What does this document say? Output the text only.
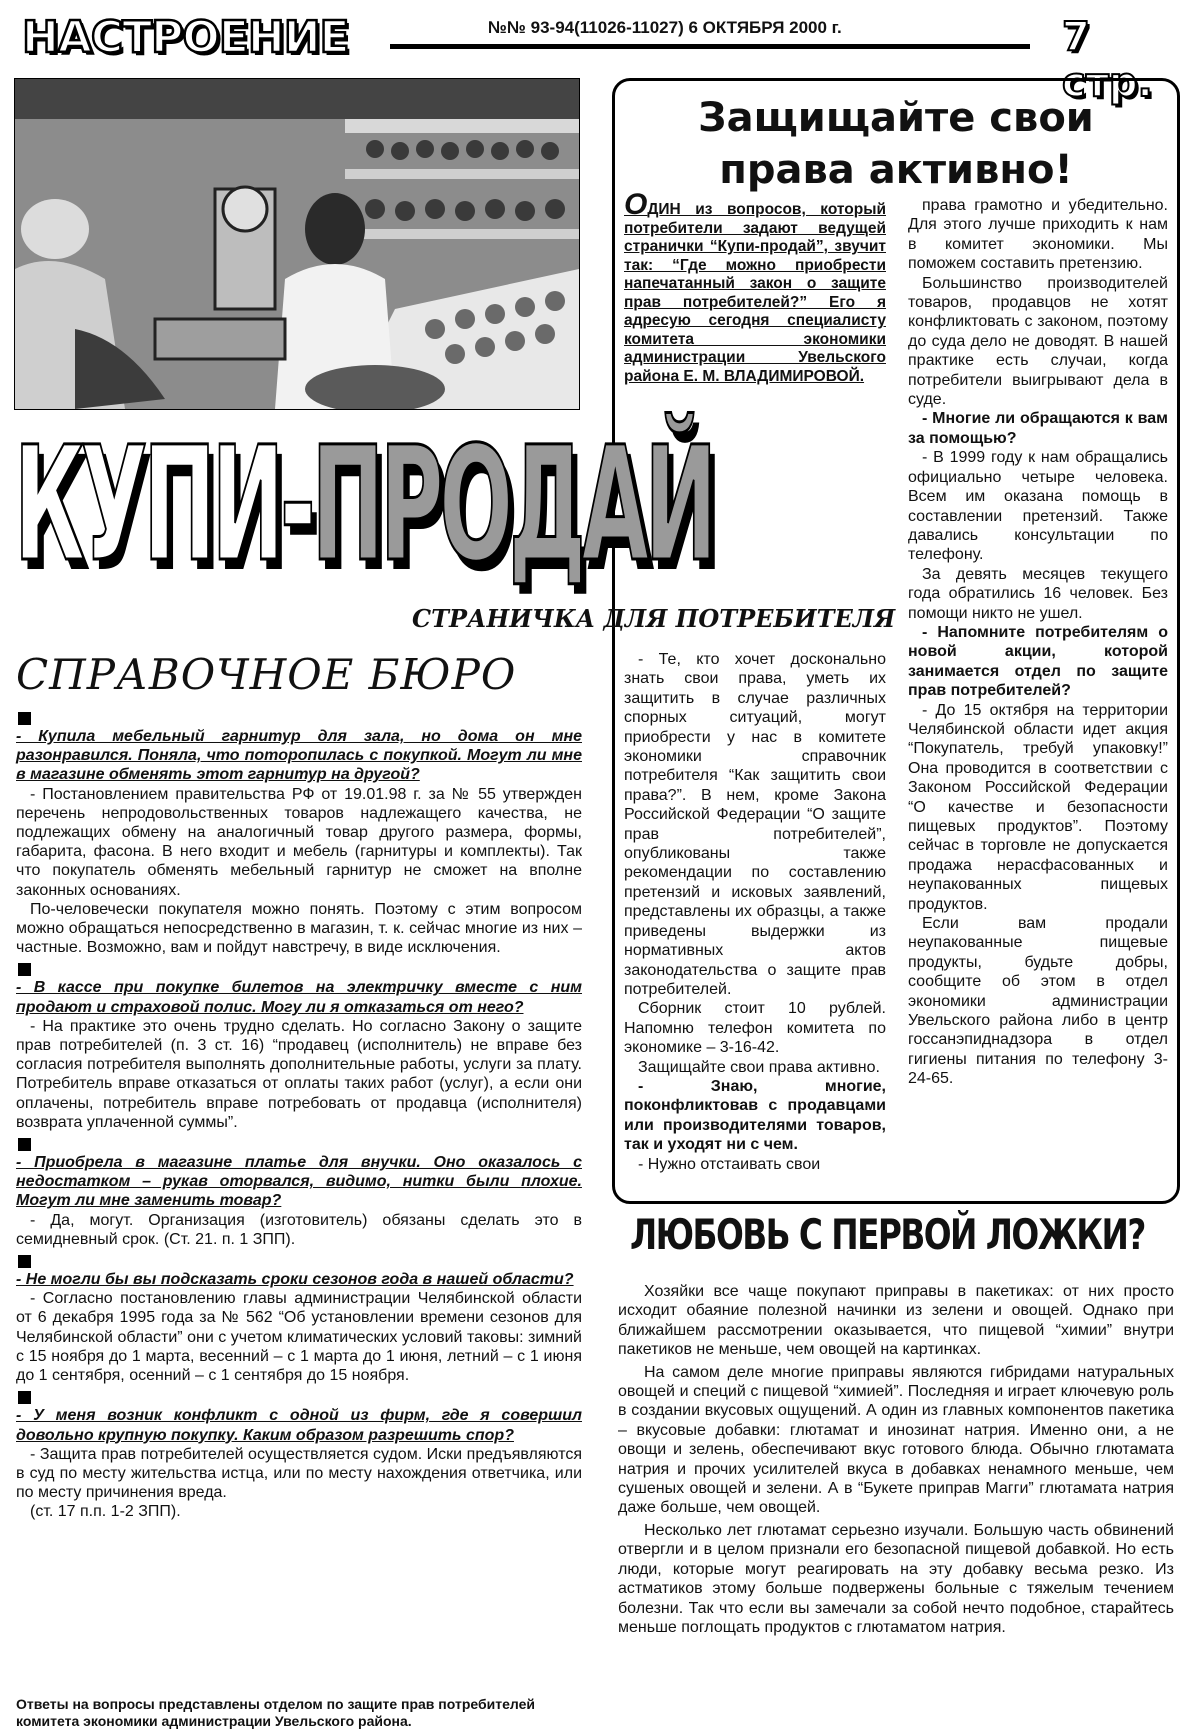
НАСТРОЕНИЕ	№№ 93-94(11026-11027) 6 ОКТЯБРЯ 2000 г.	7 стр.
Защищайте свои права активно!
ОДИН из вопросов, который потребители задают ведущей странички “Купи-продай”, звучит так: “Где можно приобрести напечатанный закон о защите прав потребителей?” Его я адресую сегодня специалисту комитета экономики администрации Увельского района Е. М. ВЛАДИМИРОВОЙ.

права грамотно и убедительно. Для этого лучше приходить к нам в комитет экономики. Мы поможем составить претензию.

Большинство производителей товаров, продавцов не хотят конфликтовать с законом, поэтому до суда дело не доводят. В нашей практике есть случаи, когда потребители выигрывают дела в суде.

- Многие ли обращаются к вам за помощью?

- В 1999 году к нам обращались официально четыре человека. Всем им оказана помощь в составлении претензий. Также давались консультации по телефону.

За девять месяцев текущего года обратились 16 человек. Без помощи никто не ушел.

- Напомните потребителям о новой акции, которой занимается отдел по защите прав потребителей?

- До 15 октября на территории Челябинской области идет акция “Покупатель, требуй упаковку!” Она проводится в соответствии с Законом Российской Федерации “О качестве и безопасности пищевых продуктов”. Поэтому сейчас в торговле не допускается продажа нерасфасованных и неупакованных пищевых продуктов.

Если вам продали неупакованные пищевые продукты, будьте добры, сообщите об этом в отдел экономики администрации Увельского района либо в центр госсанэпиднадзора в отдел гигиены питания по телефону 3-24-65.

- Те, кто хочет досконально знать свои права, уметь их защитить в случае различных спорных ситуаций, могут приобрести у нас в комитете экономики справочник потребителя “Как защитить свои права?”. В нем, кроме Закона Российской Федерации “О защите прав потребителей”, опубликованы также рекомендации по составлению претензий и исковых заявлений, представлены их образцы, а также приведены выдержки из нормативных актов законодательства о защите прав потребителей.

Сборник стоит 10 рублей. Напомню телефон комитета по экономике – 3-16-42.

Защищайте свои права активно.

- Знаю, многие, поконфликтовав с продавцами или производителями товаров, так и уходят ни с чем.

- Нужно отстаивать свои

КУПИ-ПРОДАЙ
СТРАНИЧКА ДЛЯ ПОТРЕБИТЕЛЯ
СПРАВОЧНОЕ БЮРО

- Купила мебельный гарнитур для зала, но дома он мне разонравился. Поняла, что поторопилась с покупкой. Могут ли мне в магазине обменять этот гарнитур на другой?

- Постановлением правительства РФ от 19.01.98 г. за № 55 утвержден перечень непродовольственных товаров надлежащего качества, не подлежащих обмену на аналогичный товар другого размера, формы, габарита, фасона. В него входит и мебель (гарнитуры и комплекты). Так что покупатель обменять мебельный гарнитур не сможет на вполне законных основаниях.

По-человечески покупателя можно понять. Поэтому с этим вопросом можно обращаться непосредственно в магазин, т. к. сейчас многие из них – частные. Возможно, вам и пойдут навстречу, в виде исключения.

- В кассе при покупке билетов на электричку вместе с ним продают и страховой полис. Могу ли я отказаться от него?

- На практике это очень трудно сделать. Но согласно Закону о защите прав потребителей (п. 3 ст. 16) “продавец (исполнитель) не вправе без согласия потребителя выполнять дополнительные работы, услуги за плату. Потребитель вправе отказаться от оплаты таких работ (услуг), а если они оплачены, потребитель вправе потребовать от продавца (исполнителя) возврата уплаченной суммы”.

- Приобрела в магазине платье для внучки. Оно оказалось с недостатком – рукав оторвался, видимо, нитки были плохие. Могут ли мне заменить товар?

- Да, могут. Организация (изготовитель) обязаны сделать это в семидневный срок. (Ст. 21. п. 1 ЗПП).

- Не могли бы вы подсказать сроки сезонов года в нашей области?

- Согласно постановлению главы администрации Челябинской области от 6 декабря 1995 года за № 562 “Об установлении времени сезонов для Челябинской области” они с учетом климатических условий таковы: зимний с 15 ноября до 1 марта, весенний – с 1 марта до 1 июня, летний – с 1 июня до 1 сентября, осенний – с 1 сентября до 15 ноября.

- У меня возник конфликт с одной из фирм, где я совершил довольно крупную покупку. Каким образом разрешить спор?

- Защита прав потребителей осуществляется судом. Иски предъявляются в суд по месту жительства истца, или по месту нахождения ответчика, или по месту причинения вреда.

(ст. 17 п.п. 1-2 ЗПП).

Ответы на вопросы представлены отделом по защите прав потребителей комитета экономики администрации Увельского района.
ЛЮБОВЬ С ПЕРВОЙ ЛОЖКИ?

Хозяйки все чаще покупают приправы в пакетиках: от них просто исходит обаяние полезной начинки из зелени и овощей. Однако при ближайшем рассмотрении оказывается, что пищевой “химии” внутри пакетиков не меньше, чем овощей на картинках.

На самом деле многие приправы являются гибридами натуральных овощей и специй с пищевой “химией”. Последняя и играет ключевую роль в создании вкусовых ощущений. А один из главных компонентов пакетика – вкусовые добавки: глютамат и инозинат натрия. Именно они, а не овощи и зелень, обеспечивают вкус готового блюда. Обычно глютамата натрия и прочих усилителей вкуса в добавках ненамного меньше, чем сушеных овощей и зелени. А в “Букете приправ Магги” глютамата натрия даже больше, чем овощей.

Несколько лет глютамат серьезно изучали. Большую часть обвинений отвергли и в целом признали его безопасной пищевой добавкой. Но есть люди, которые могут реагировать на эту добавку весьма резко. Из астматиков этому больше подвержены больные с тяжелым течением болезни. Так что если вы замечали за собой нечто подобное, старайтесь меньше поглощать продуктов с глютаматом натрия.
